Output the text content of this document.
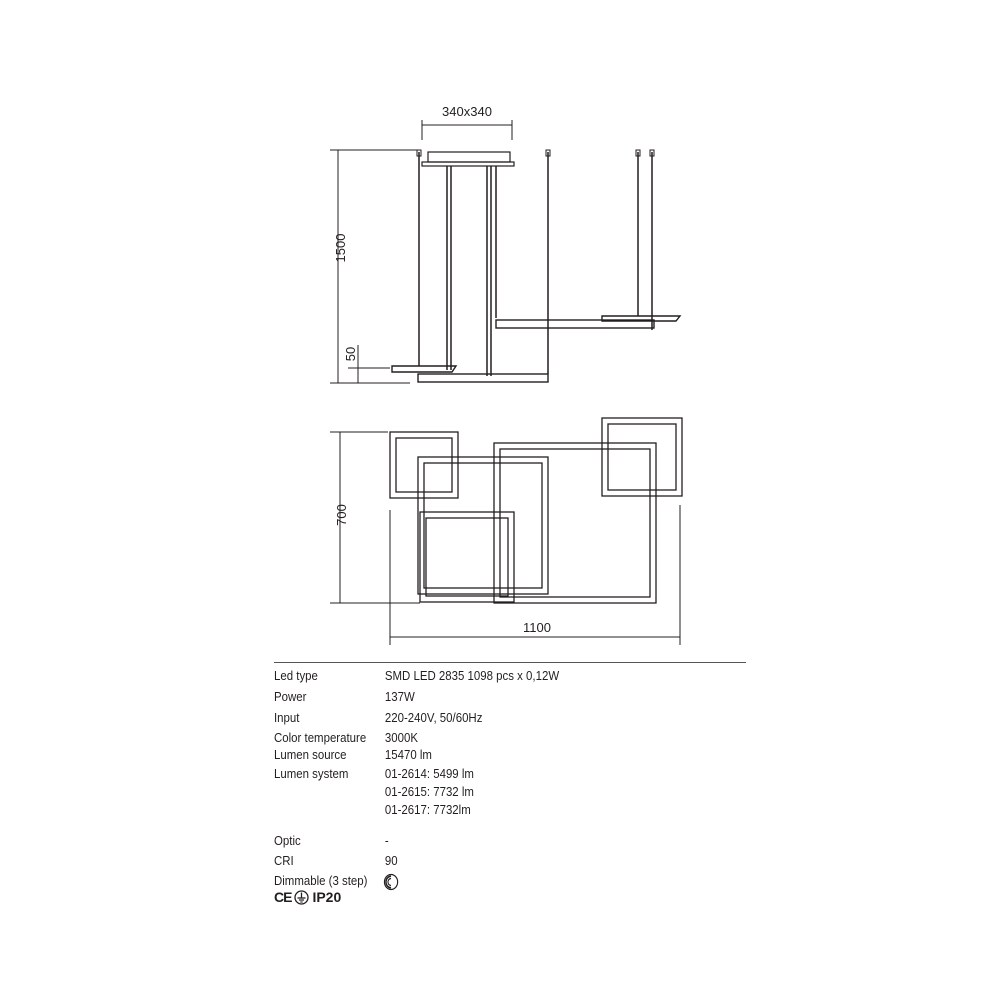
340x340
1500
50
700
1100
Led type	SMD LED 2835 1098 pcs x 0,12W
Power	137W
Input	220-240V, 50/60Hz
Color temperature	3000K
Lumen source	15470 lm
Lumen system	01-2614: 5499 lm
01-2615: 7732 lm
01-2617: 7732lm
Optic	-
CRI	90
Dimmable (3 step)
CE IP20
